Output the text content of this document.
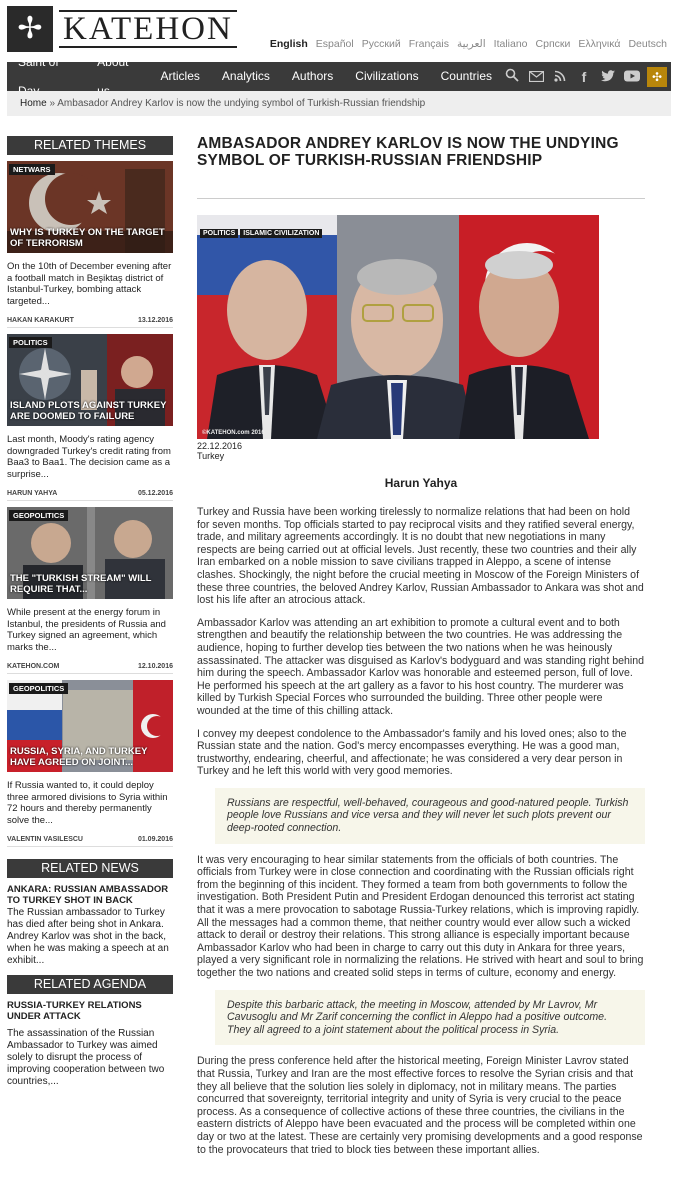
✢ KATEHON	English Español Русский Français العربية Italiano Српски Ελληνικά Deutsch
Saint of	About
Articles	Analytics	Authors	Civilizations	Countries	f	✣
Home » Ambasador Andrey Karlov is now the undying symbol of Turkish-Russian friendship
RELATED THEMES
NETWARS
WHY IS TURKEY ON THE TARGET OF TERRORISM
On the 10th of December evening after a football match in Beşiktaş district of Istanbul-Turkey, bombing attack targeted...
HAKAN KARAKURT	13.12.2016
POLITICS
ISLAND PLOTS AGAINST TURKEY ARE DOOMED TO FAILURE
Last month, Moody's rating agency downgraded Turkey's credit rating from Baa3 to Baa1. The decision came as a surprise...
HARUN YAHYA	05.12.2016
GEOPOLITICS
THE "TURKISH STREAM" WILL REQUIRE THAT...
While present at the energy forum in Istanbul, the presidents of Russia and Turkey signed an agreement, which marks the...
KATEHON.COM	12.10.2016
GEOPOLITICS
RUSSIA, SYRIA, AND TURKEY HAVE AGREED ON JOINT...
If Russia wanted to, it could deploy three armored divisions to Syria within 72 hours and thereby permanently solve the...
VALENTIN VASILESCU	01.09.2016
RELATED NEWS
ANKARA: RUSSIAN AMBASSADOR TO TURKEY SHOT IN BACK
The Russian ambassador to Turkey has died after being shot in Ankara. Andrey Karlov was shot in the back, when he was making a speech at an exhibit...
RELATED AGENDA
RUSSIA-TURKEY RELATIONS UNDER ATTACK
The assassination of the Russian Ambassador to Turkey was aimed solely to disrupt the process of improving cooperation between two countries,...
AMBASADOR ANDREY KARLOV IS NOW THE UNDYING SYMBOL OF TURKISH-RUSSIAN FRIENDSHIP
POLITICS	ISLAMIC CIVILIZATION
©KATEHON.com 2016
22.12.2016
Turkey
Harun Yahya

Turkey and Russia have been working tirelessly to normalize relations that had been on hold for seven months. Top officials started to pay reciprocal visits and they ratified several energy, trade, and military agreements accordingly. It is no doubt that new negotiations in many respects are being carried out at official levels. Just recently, these two countries and their ally Iran embarked on a noble mission to save civilians trapped in Aleppo, a scene of intense clashes. Shockingly, the night before the crucial meeting in Moscow of the Foreign Ministers of these three countries, the beloved Andrey Karlov, Russian Ambassador to Ankara was shot and lost his life after an atrocious attack.

Ambassador Karlov was attending an art exhibition to promote a cultural event and to both strengthen and beautify the relationship between the two countries. He was addressing the audience, hoping to further develop ties between the two nations when he was heinously assassinated. The attacker was disguised as Karlov's bodyguard and was standing right behind him during the speech. Ambassador Karlov was honorable and esteemed person, full of love. He performed his speech at the art gallery as a favor to his host country. The murderer was killed by Turkish Special Forces who surrounded the building. Three other people were wounded at the time of this chilling attack.

I convey my deepest condolence to the Ambassador's family and his loved ones; also to the Russian state and the nation. God's mercy encompasses everything. He was a good man, trustworthy, endearing, cheerful, and affectionate; he was considered a very dear person in Turkey and he left this world with very good memories.

Russians are respectful, well-behaved, courageous and good-natured people. Turkish people love Russians and vice versa and they will never let such plots prevent our deep-rooted connection.

It was very encouraging to hear similar statements from the officials of both countries. The officials from Turkey were in close connection and coordinating with the Russian officials right from the beginning of this incident. They formed a team from both governments to follow the investigation. Both President Putin and President Erdogan denounced this terrorist act stating that it was a mere provocation to sabotage Russia-Turkey relations, which is improving rapidly. All the messages had a common theme, that neither country would ever allow such a wicked attack to derail or destroy their relations. This strong alliance is especially important because Ambassador Karlov who had been in charge to carry out this duty in Ankara for three years, played a very significant role in normalizing the relations. He strived with heart and soul to bring together the two nations and created solid steps in terms of culture, economy and energy.

Despite this barbaric attack, the meeting in Moscow, attended by Mr Lavrov, Mr Cavusoglu and Mr Zarif concerning the conflict in Aleppo had a positive outcome. They all agreed to a joint statement about the political process in Syria.

During the press conference held after the historical meeting, Foreign Minister Lavrov stated that Russia, Turkey and Iran are the most effective forces to resolve the Syrian crisis and that they all believe that the solution lies solely in diplomacy, not in military means. The parties concurred that sovereignty, territorial integrity and unity of Syria is very crucial to the peace process. As a consequence of collective actions of these three countries, the civilians in the eastern districts of Aleppo have been evacuated and the process will be completed within one day or two at the latest. These are certainly very promising developments and a good response to the provocateurs that tried to block ties between these important allies.
